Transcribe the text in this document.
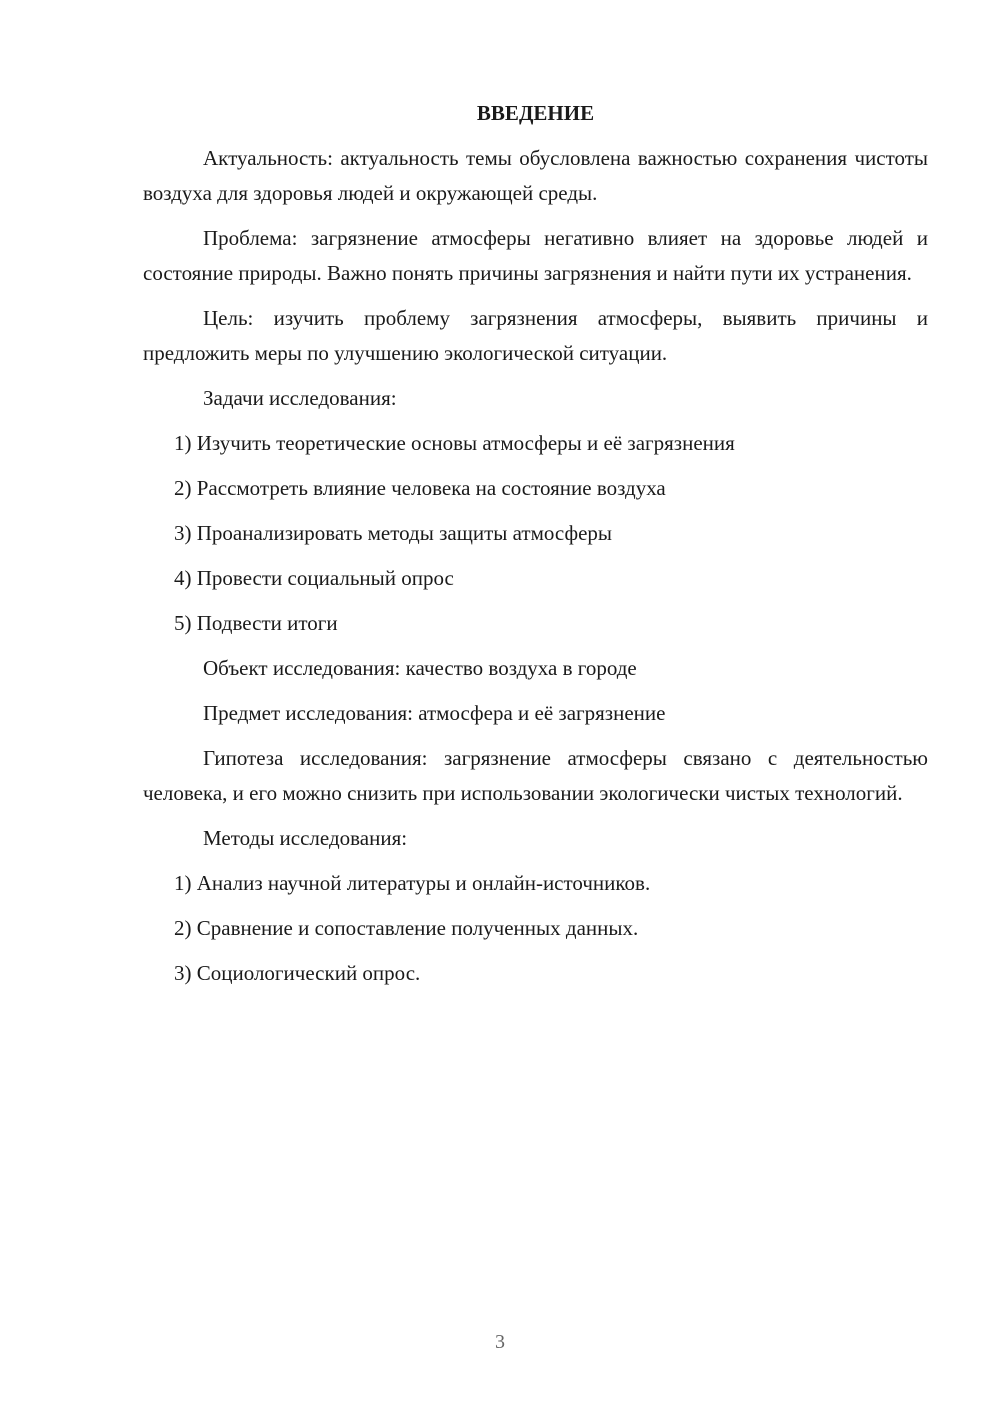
ВВЕДЕНИЕ
Актуальность: актуальность темы обусловлена важностью сохранения чистоты воздуха для здоровья людей и окружающей среды.
Проблема: загрязнение атмосферы негативно влияет на здоровье людей и состояние природы. Важно понять причины загрязнения и найти пути их устранения.
Цель: изучить проблему загрязнения атмосферы, выявить причины и предложить меры по улучшению экологической ситуации.
Задачи исследования:
1) Изучить теоретические основы атмосферы и её загрязнения
2) Рассмотреть влияние человека на состояние воздуха
3) Проанализировать методы защиты атмосферы
4) Провести социальный опрос
5) Подвести итоги
Объект исследования: качество воздуха в городе
Предмет исследования: атмосфера и её загрязнение
Гипотеза исследования: загрязнение атмосферы связано с деятельностью человека, и его можно снизить при использовании экологически чистых технологий.
Методы исследования:
1) Анализ научной литературы и онлайн-источников.
2) Сравнение и сопоставление полученных данных.
3) Социологический опрос.
3
